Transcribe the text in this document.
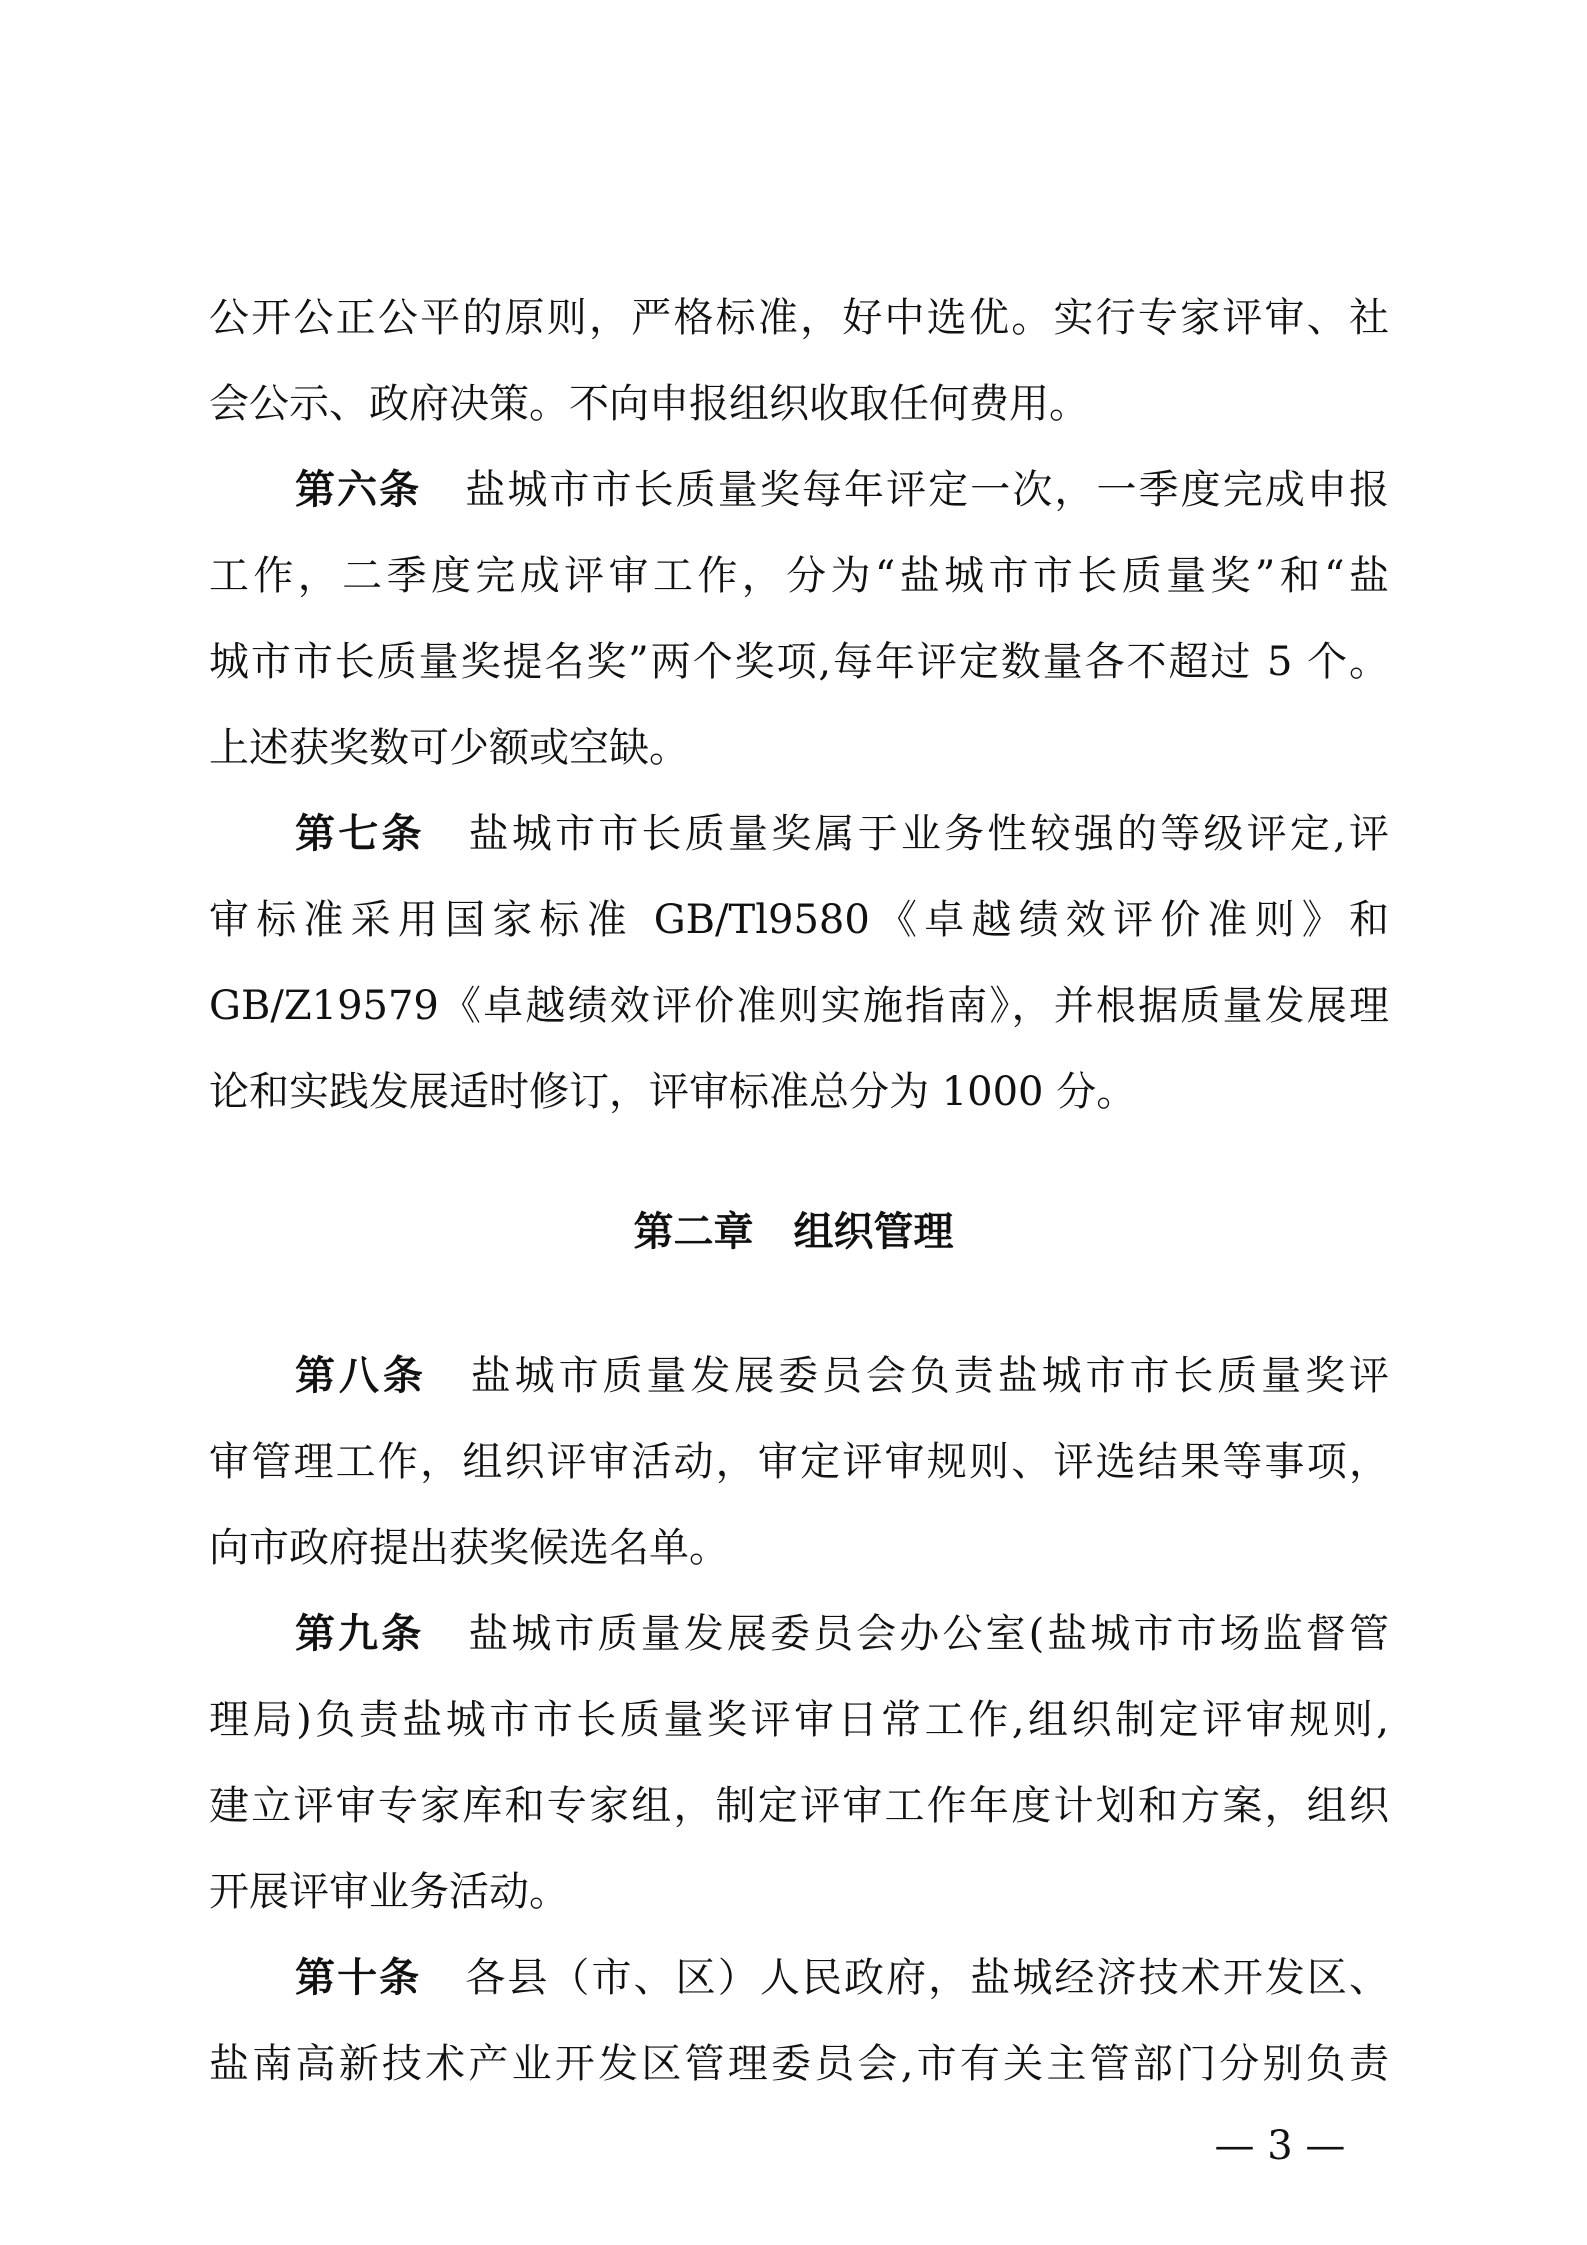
公开公正公平的原则，严格标准，好中选优。实行专家评审、社
会公示、政府决策。不向申报组织收取任何费用。
第六条 盐城市市长质量奖每年评定一次，一季度完成申报
工作，二季度完成评审工作，分为“盐城市市长质量奖”和“盐
城市市长质量奖提名奖”两个奖项,每年评定数量各不超过 5 个。
上述获奖数可少额或空缺。
第七条 盐城市市长质量奖属于业务性较强的等级评定,评
审标准采用国家标准 GB/Tl9580《卓越绩效评价准则》和
GB/Z19579《卓越绩效评价准则实施指南》，并根据质量发展理
论和实践发展适时修订，评审标准总分为 1000 分。
第二章　组织管理
第八条 盐城市质量发展委员会负责盐城市市长质量奖评
审管理工作，组织评审活动，审定评审规则、评选结果等事项，
向市政府提出获奖候选名单。
第九条 盐城市质量发展委员会办公室(盐城市市场监督管
理局)负责盐城市市长质量奖评审日常工作,组织制定评审规则,
建立评审专家库和专家组，制定评审工作年度计划和方案，组织
开展评审业务活动。
第十条 各县（市、区）人民政府，盐城经济技术开发区、
盐南高新技术产业开发区管理委员会,市有关主管部门分别负责
— 3 —
